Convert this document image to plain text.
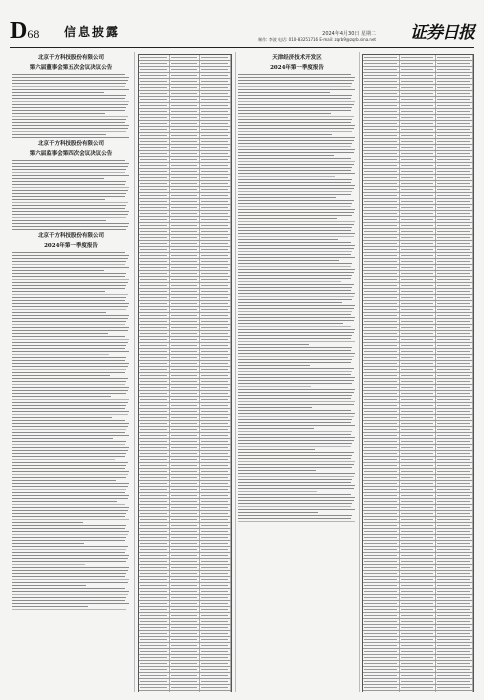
D68 信息披露	2024年4月30日 星期二
制作: 李波 电话: 010-83251716 E-mail: zqrb9@zqrb.sina.net 证券日报
北京千方科技股份有限公司
第六届董事会第五次会议决议公告
北京千方科技股份有限公司
第六届监事会第四次会议决议公告
北京千方科技股份有限公司
2024年第一季度报告
天津经济技术开发区
2024年第一季度报告
